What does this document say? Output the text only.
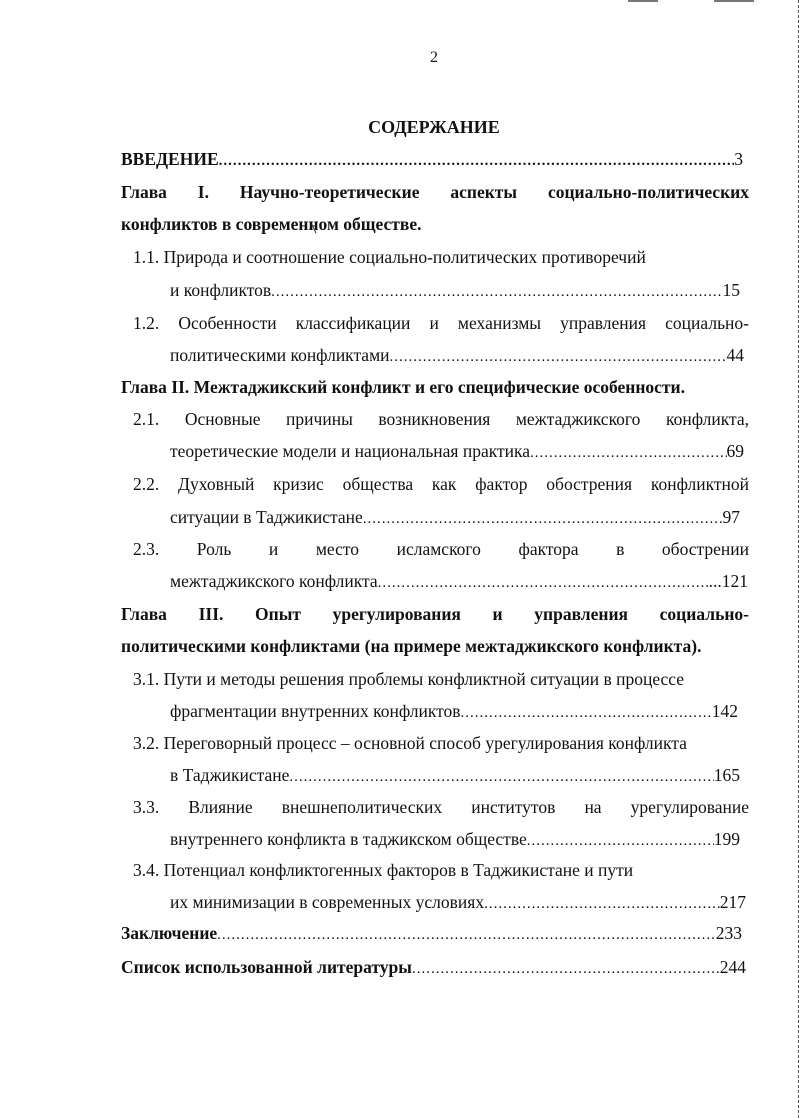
2
СОДЕРЖАНИЕ
ВВЕДЕНИЕ .....	3
Глава I. Научно-теоретические аспекты социально-политических
конфликтов в современном обществе.
1.1. Природа и соотношение социально-политических противоречий
и конфликтов .....	15
1.2. Особенности классификации и механизмы управления социально-
политическими конфликтами .....	44
Глава II. Межтаджикский конфликт и его специфические особенности.
2.1. Основные причины возникновения межтаджикского конфликта,
теоретические модели и национальная практика .....	69
2.2. Духовный кризис общества как фактор обострения конфликтной
ситуации в Таджикистане .....	97
2.3. Роль и место исламского фактора в обострении
межтаджикского конфликта .....	...121
Глава III. Опыт урегулирования и управления социально-
политическими конфликтами (на примере межтаджикского конфликта).
3.1. Пути и методы решения проблемы конфликтной ситуации в процессе
фрагментации внутренних конфликтов .....	142
3.2. Переговорный процесс – основной способ урегулирования конфликта
в Таджикистане .....	165
3.3. Влияние внешнеполитических институтов на урегулирование
внутреннего конфликта в таджикском обществе .....	199
3.4. Потенциал конфликтогенных факторов в Таджикистане и пути
их минимизации в современных условиях .....	217
Заключение .....	233
Список использованной литературы .....	244
